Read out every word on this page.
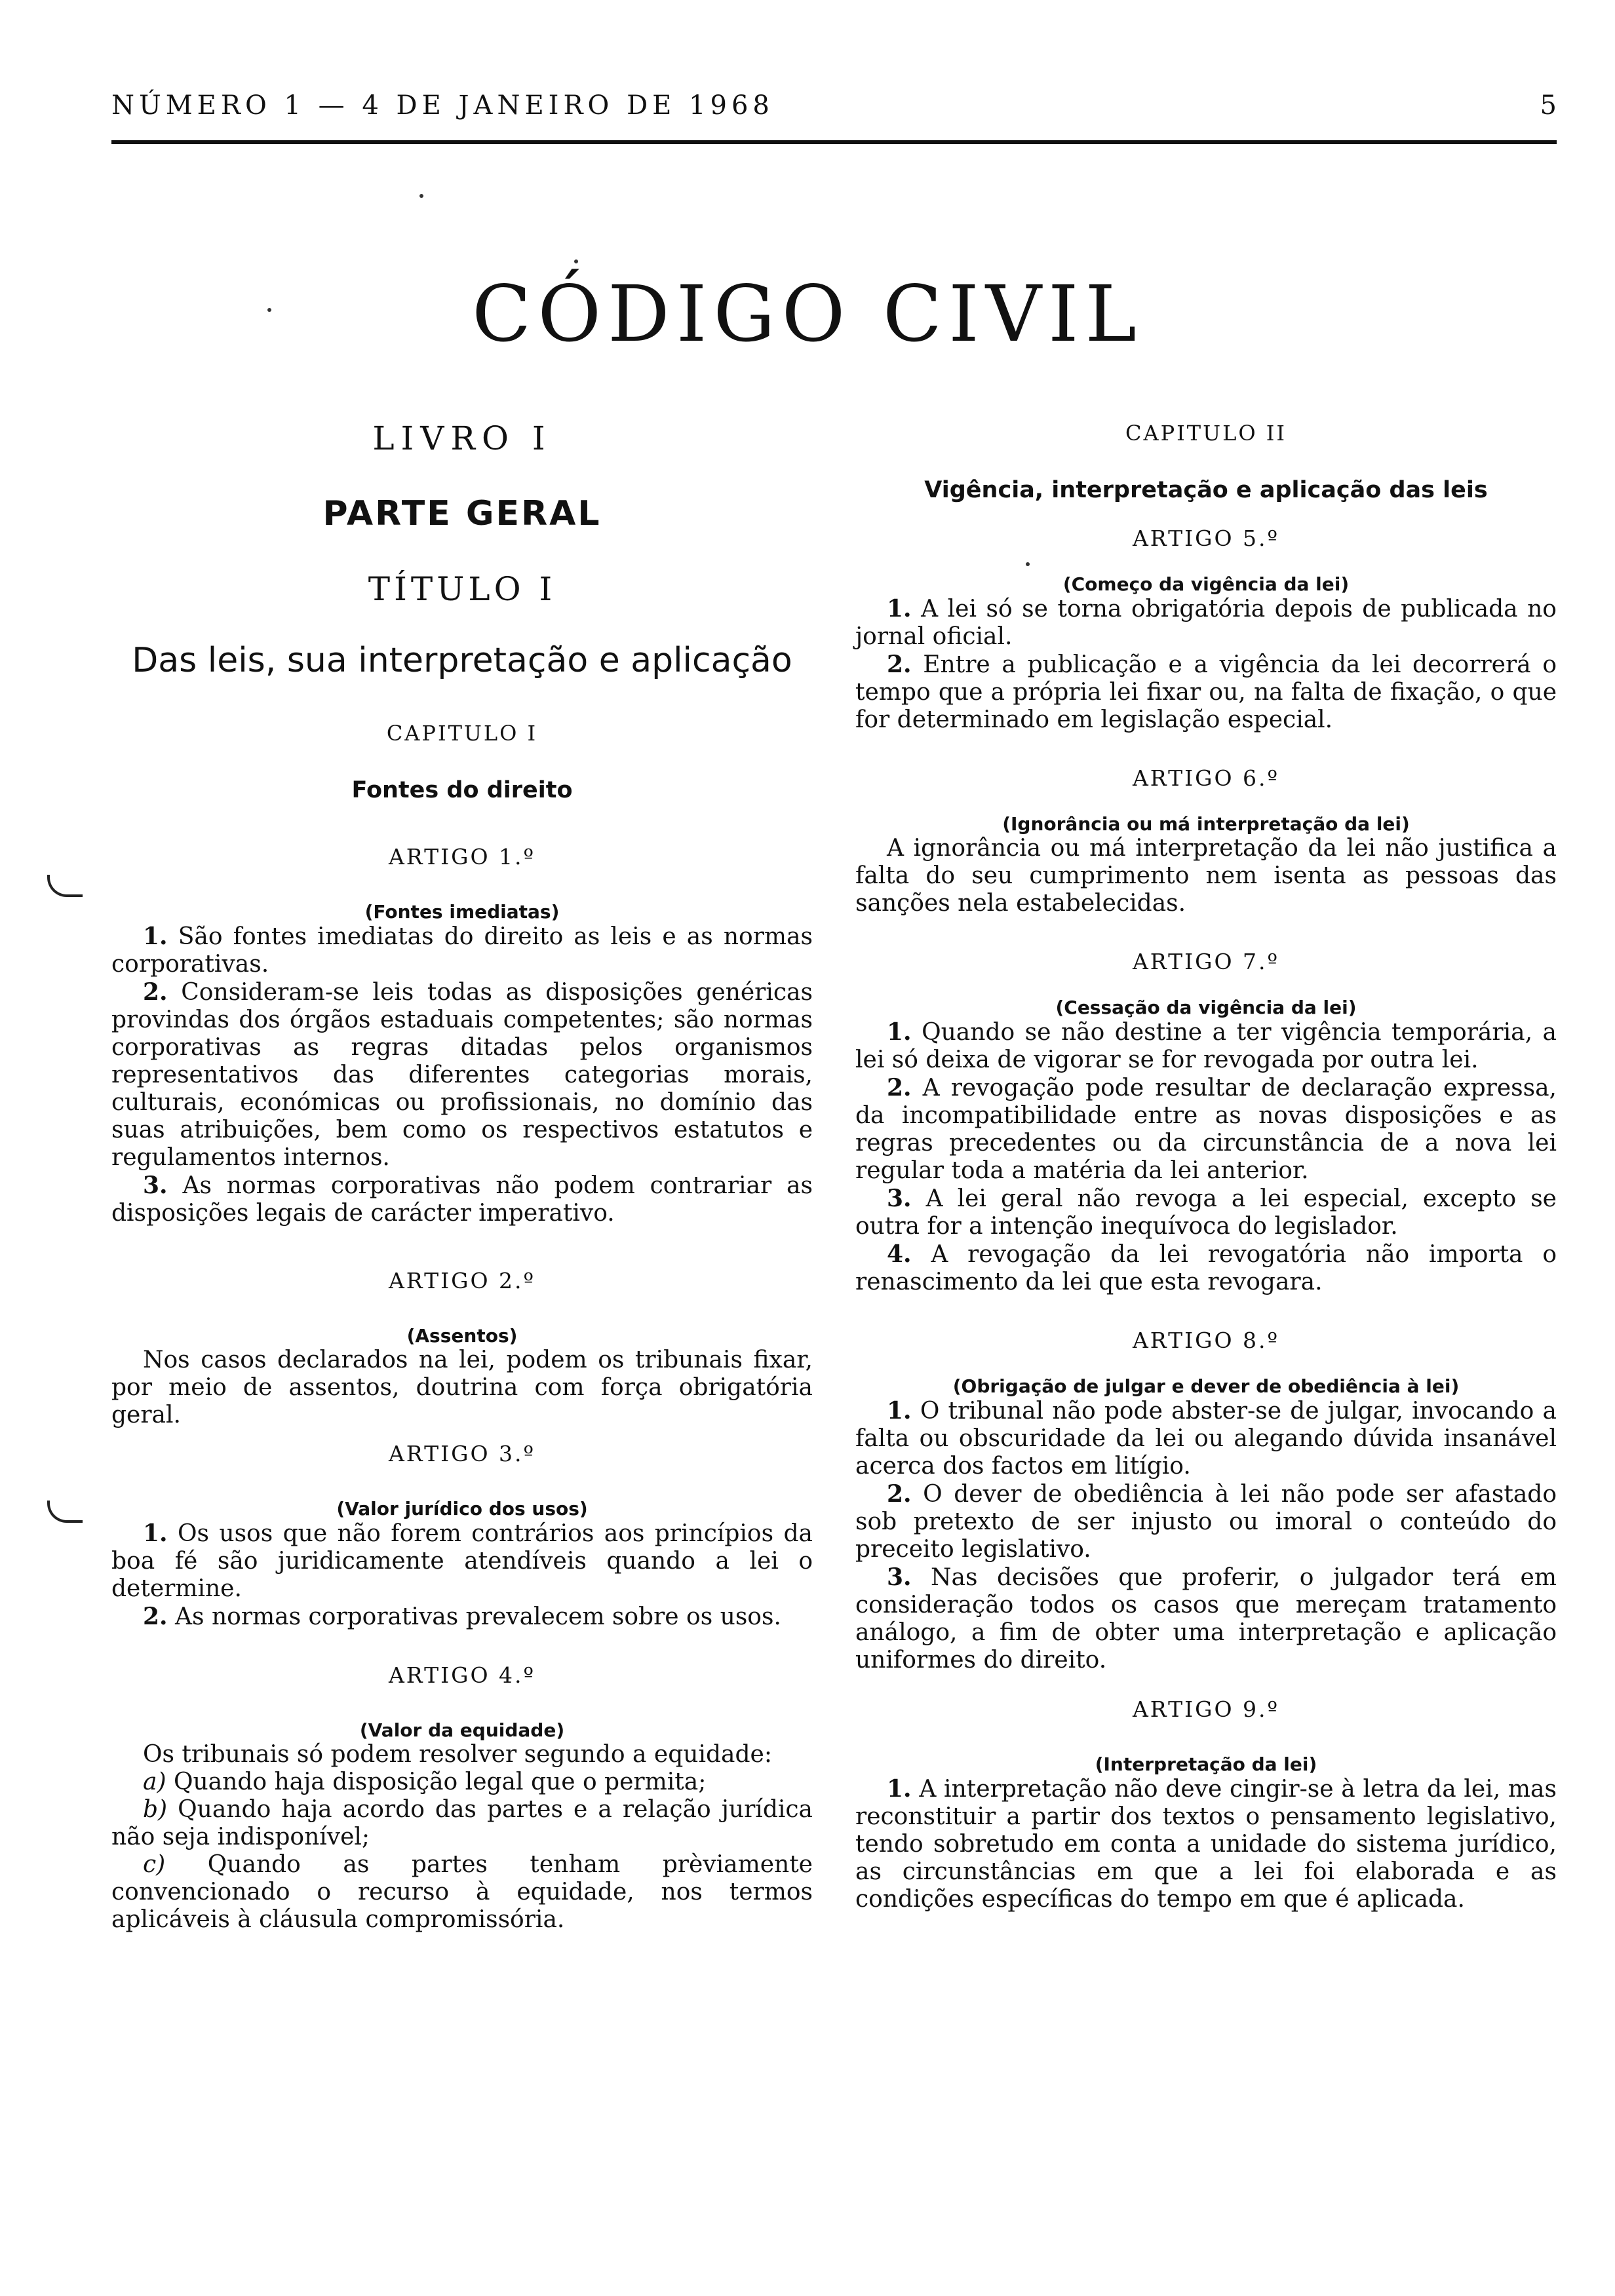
NÚMERO 1 — 4 DE JANEIRO DE 1968	5
CÓDIGO CIVIL
LIVRO I
PARTE GERAL
TÍTULO I
Das leis, sua interpretação e aplicação
CAPITULO I
Fontes do direito
ARTIGO 1.º
(Fontes imediatas)

1. São fontes imediatas do direito as leis e as normas corporativas.

2. Consideram-se leis todas as disposições genéricas provindas dos órgãos estaduais competentes; são normas corporativas as regras ditadas pelos organismos representativos das diferentes categorias morais, culturais, económicas ou profissionais, no domínio das suas atribuições, bem como os respectivos estatutos e regulamentos internos.

3. As normas corporativas não podem contrariar as disposições legais de carácter imperativo.

ARTIGO 2.º
(Assentos)

Nos casos declarados na lei, podem os tribunais fixar, por meio de assentos, doutrina com força obrigatória geral.

ARTIGO 3.º
(Valor jurídico dos usos)

1. Os usos que não forem contrários aos princípios da boa fé são juridicamente atendíveis quando a lei o determine.

2. As normas corporativas prevalecem sobre os usos.

ARTIGO 4.º
(Valor da equidade)

Os tribunais só podem resolver segundo a equidade:

a) Quando haja disposição legal que o permita;

b) Quando haja acordo das partes e a relação jurídica não seja indisponível;

c) Quando as partes tenham prèviamente convencionado o recurso à equidade, nos termos aplicáveis à cláusula compromissória.

CAPITULO II
Vigência, interpretação e aplicação das leis
ARTIGO 5.º
(Começo da vigência da lei)

1. A lei só se torna obrigatória depois de publicada no jornal oficial.

2. Entre a publicação e a vigência da lei decorrerá o tempo que a própria lei fixar ou, na falta de fixação, o que for determinado em legislação especial.

ARTIGO 6.º
(Ignorância ou má interpretação da lei)

A ignorância ou má interpretação da lei não justifica a falta do seu cumprimento nem isenta as pessoas das sanções nela estabelecidas.

ARTIGO 7.º
(Cessação da vigência da lei)

1. Quando se não destine a ter vigência temporária, a lei só deixa de vigorar se for revogada por outra lei.

2. A revogação pode resultar de declaração expressa, da incompatibilidade entre as novas disposições e as regras precedentes ou da circunstância de a nova lei regular toda a matéria da lei anterior.

3. A lei geral não revoga a lei especial, excepto se outra for a intenção inequívoca do legislador.

4. A revogação da lei revogatória não importa o renascimento da lei que esta revogara.

ARTIGO 8.º
(Obrigação de julgar e dever de obediência à lei)

1. O tribunal não pode abster-se de julgar, invocando a falta ou obscuridade da lei ou alegando dúvida insanável acerca dos factos em litígio.

2. O dever de obediência à lei não pode ser afastado sob pretexto de ser injusto ou imoral o conteúdo do preceito legislativo.

3. Nas decisões que proferir, o julgador terá em consideração todos os casos que mereçam tratamento análogo, a fim de obter uma interpretação e aplicação uniformes do direito.

ARTIGO 9.º
(Interpretação da lei)

1. A interpretação não deve cingir-se à letra da lei, mas reconstituir a partir dos textos o pensamento legislativo, tendo sobretudo em conta a unidade do sistema jurídico, as circunstâncias em que a lei foi elaborada e as condições específicas do tempo em que é aplicada.
